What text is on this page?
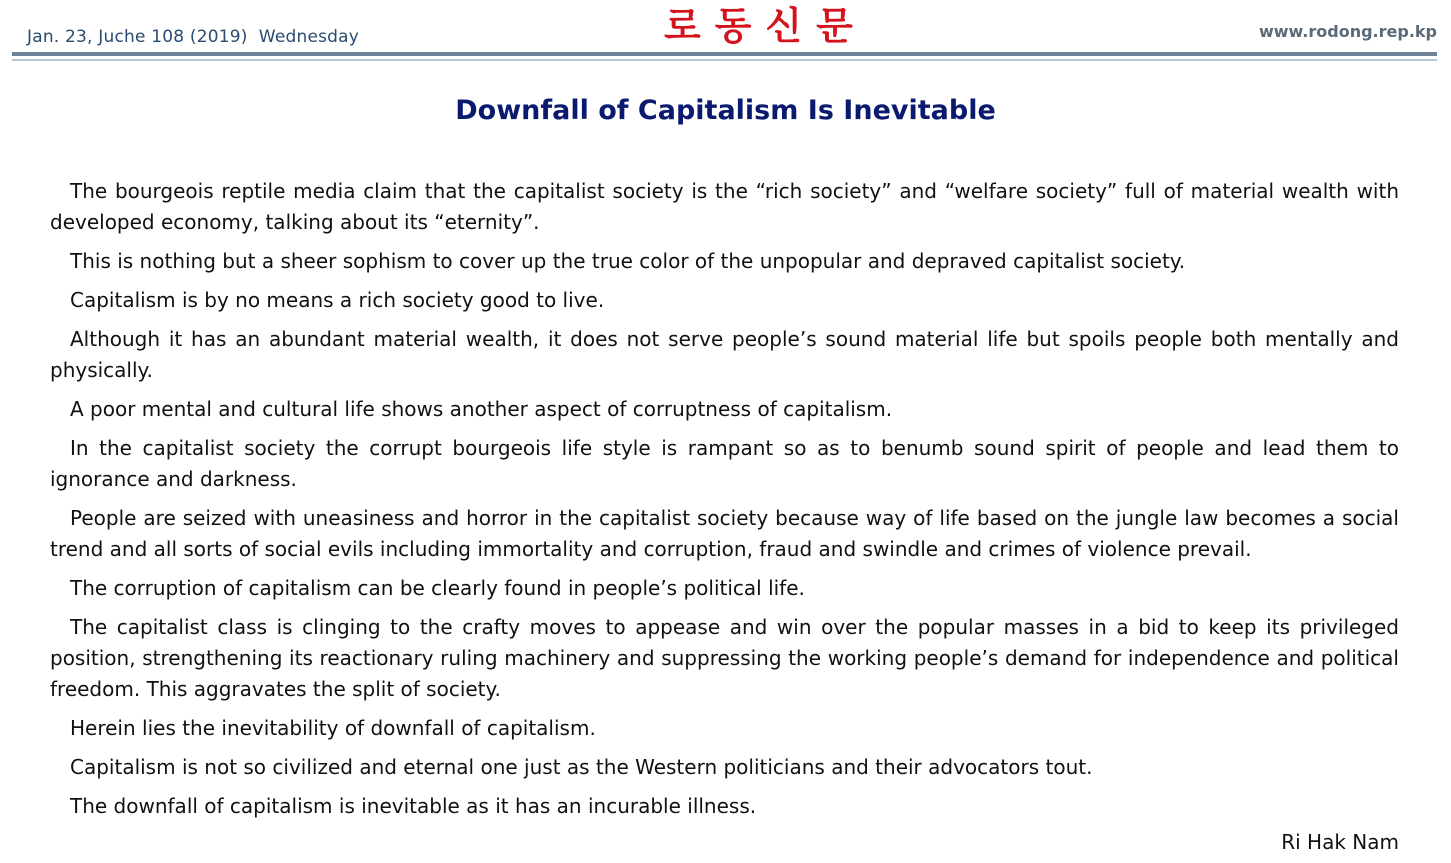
Jan. 23, Juche 108 (2019)  Wednesday	로동신문	www.rodong.rep.kp
Downfall of Capitalism Is Inevitable

The bourgeois reptile media claim that the capitalist society is the “rich society” and “welfare society” full of material wealth with developed economy, talking about its “eternity”.

This is nothing but a sheer sophism to cover up the true color of the unpopular and depraved capitalist society.

Capitalism is by no means a rich society good to live.

Although it has an abundant material wealth, it does not serve people’s sound material life but spoils people both mentally and physically.

A poor mental and cultural life shows another aspect of corruptness of capitalism.

In the capitalist society the corrupt bourgeois life style is rampant so as to benumb sound spirit of people and lead them to ignorance and darkness.

People are seized with uneasiness and horror in the capitalist society because way of life based on the jungle law becomes a social trend and all sorts of social evils including immortality and corruption, fraud and swindle and crimes of violence prevail.

The corruption of capitalism can be clearly found in people’s political life.

The capitalist class is clinging to the crafty moves to appease and win over the popular masses in a bid to keep its privileged position, strengthening its reactionary ruling machinery and suppressing the working people’s demand for independence and political freedom. This aggravates the split of society.

Herein lies the inevitability of downfall of capitalism.

Capitalism is not so civilized and eternal one just as the Western politicians and their advocators tout.

The downfall of capitalism is inevitable as it has an incurable illness.

Ri Hak Nam
